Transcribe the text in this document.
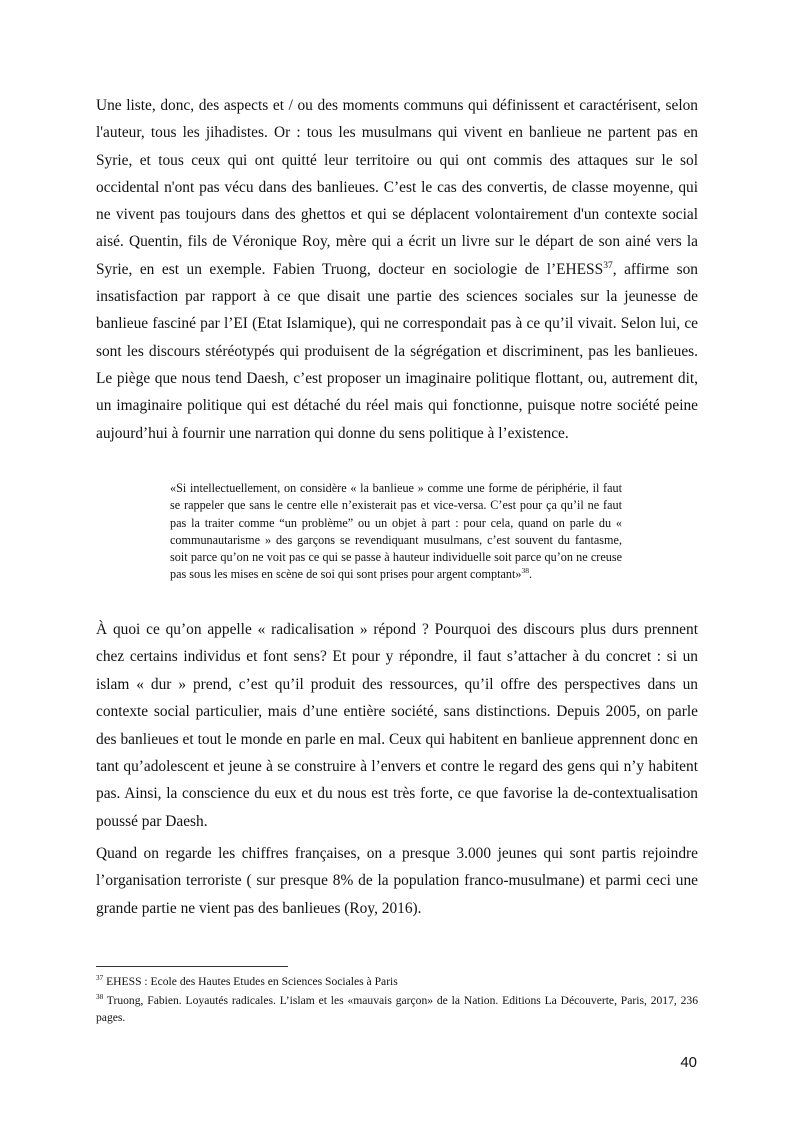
Une liste, donc, des aspects et / ou des moments communs qui définissent et caractérisent, selon l'auteur, tous les jihadistes. Or : tous les musulmans qui vivent en banlieue ne partent pas en Syrie, et tous ceux qui ont quitté leur territoire ou qui ont commis des attaques sur le sol occidental n'ont pas vécu dans des banlieues. C’est le cas des convertis, de classe moyenne, qui ne vivent pas toujours dans des ghettos et qui se déplacent volontairement d'un contexte social aisé. Quentin, fils de Véronique Roy, mère qui a écrit un livre sur le départ de son ainé vers la Syrie, en est un exemple. Fabien Truong, docteur en sociologie de l’EHESS$^{37}$, affirme son insatisfaction par rapport à ce que disait une partie des sciences sociales sur la jeunesse de banlieue fasciné par l’EI (Etat Islamique), qui ne correspondait pas à ce qu’il vivait. Selon lui, ce sont les discours stéréotypés qui produisent de la ségrégation et discriminent, pas les banlieues. Le piège que nous tend Daesh, c’est proposer un imaginaire politique flottant, ou, autrement dit, un imaginaire politique qui est détaché du réel mais qui fonctionne, puisque notre société peine aujourd’hui à fournir une narration qui donne du sens politique à l’existence.

«Si intellectuellement, on considère « la banlieue » comme une forme de périphérie, il faut se rappeler que sans le centre elle n’existerait pas et vice-versa. C’est pour ça qu’il ne faut pas la traiter comme “un problème” ou un objet à part : pour cela, quand on parle du « communautarisme » des garçons se revendiquant musulmans, c’est souvent du fantasme, soit parce qu’on ne voit pas ce qui se passe à hauteur individuelle soit parce qu’on ne creuse pas sous les mises en scène de soi qui sont prises pour argent comptant»$^{38}$.

À quoi ce qu’on appelle « radicalisation » répond ? Pourquoi des discours plus durs prennent chez certains individus et font sens? Et pour y répondre, il faut s’attacher à du concret : si un islam « dur » prend, c’est qu’il produit des ressources, qu’il offre des perspectives dans un contexte social particulier, mais d’une entière société, sans distinctions. Depuis 2005, on parle des banlieues et tout le monde en parle en mal. Ceux qui habitent en banlieue apprennent donc en tant qu’adolescent et jeune à se construire à l’envers et contre le regard des gens qui n’y habitent pas. Ainsi, la conscience du eux et du nous est très forte, ce que favorise la de-contextualisation poussé par Daesh.

Quand on regarde les chiffres françaises, on a presque 3.000 jeunes qui sont partis rejoindre l’organisation terroriste ( sur presque 8% de la population franco-musulmane) et parmi ceci une grande partie ne vient pas des banlieues (Roy, 2016).

$^{37}$ EHESS : Ecole des Hautes Etudes en Sciences Sociales à Paris

$^{38}$ Truong, Fabien. Loyautés radicales. L’islam et les «mauvais garçon» de la Nation. Editions La Découverte, Paris, 2017, 236 pages.

40
